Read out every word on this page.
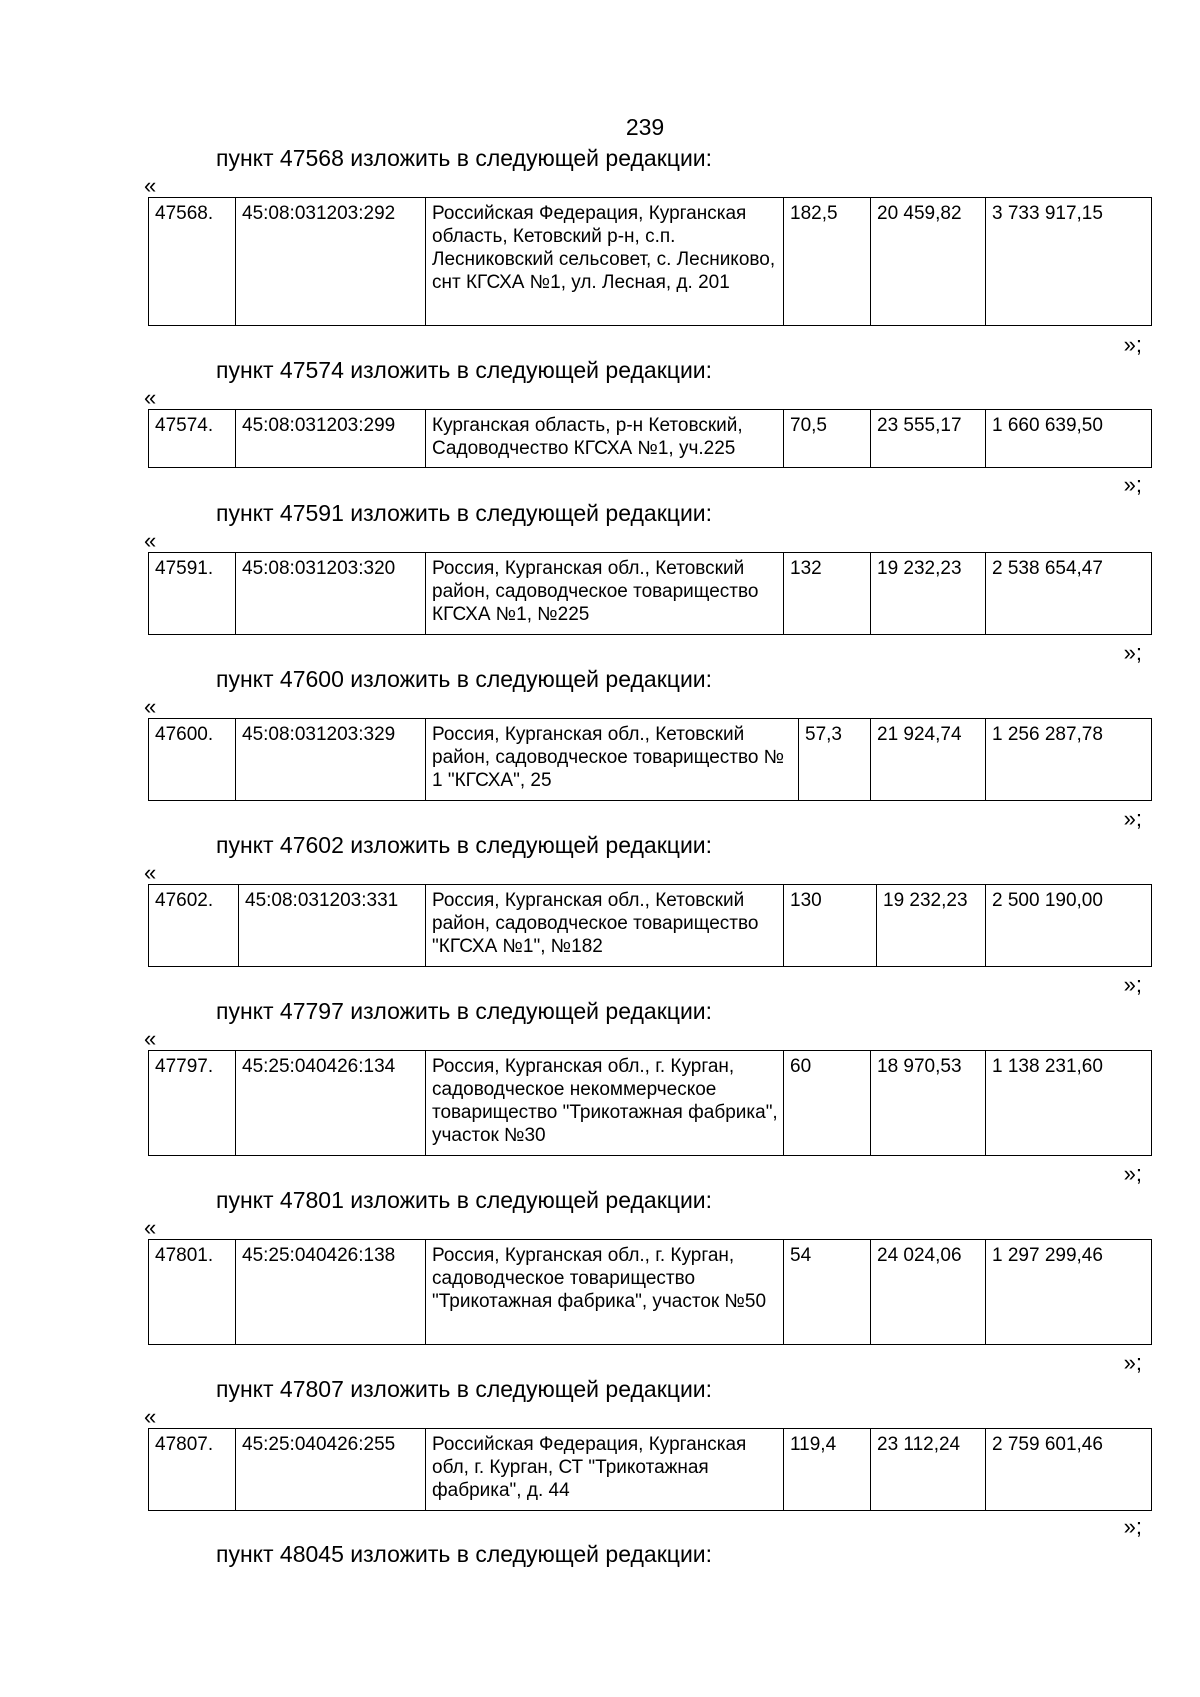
239
пункт 47568 изложить в следующей редакции:
«
47568.	45:08:031203:292	Российская Федерация, Курганская область, Кетовский р-н, с.п. Лесниковский сельсовет, с. Лесниково, снт КГСХА №1, ул. Лесная, д. 201	182,5	20 459,82	3 733 917,15
»;
пункт 47574 изложить в следующей редакции:
«
47574.	45:08:031203:299	Курганская область, р-н Кетовский, Садоводчество КГСХА №1, уч.225	70,5	23 555,17	1 660 639,50
»;
пункт 47591 изложить в следующей редакции:
«
47591.	45:08:031203:320	Россия, Курганская обл., Кетовский район, садоводческое товарищество КГСХА №1, №225	132	19 232,23	2 538 654,47
»;
пункт 47600 изложить в следующей редакции:
«
47600.	45:08:031203:329	Россия, Курганская обл., Кетовский район, садоводческое товарищество № 1 "КГСХА", 25	57,3	21 924,74	1 256 287,78
»;
пункт 47602 изложить в следующей редакции:
«
47602.	45:08:031203:331	Россия, Курганская обл., Кетовский район, садоводческое товарищество "КГСХА №1", №182	130	19 232,23	2 500 190,00
»;
пункт 47797 изложить в следующей редакции:
«
47797.	45:25:040426:134	Россия, Курганская обл., г. Курган, садоводческое некоммерческое товарищество "Трикотажная фабрика", участок №30	60	18 970,53	1 138 231,60
»;
пункт 47801 изложить в следующей редакции:
«
47801.	45:25:040426:138	Россия, Курганская обл., г. Курган, садоводческое товарищество "Трикотажная фабрика", участок №50	54	24 024,06	1 297 299,46
»;
пункт 47807 изложить в следующей редакции:
«
47807.	45:25:040426:255	Российская Федерация, Курганская обл, г. Курган, СТ "Трикотажная фабрика", д. 44	119,4	23 112,24	2 759 601,46
»;
пункт 48045 изложить в следующей редакции:
